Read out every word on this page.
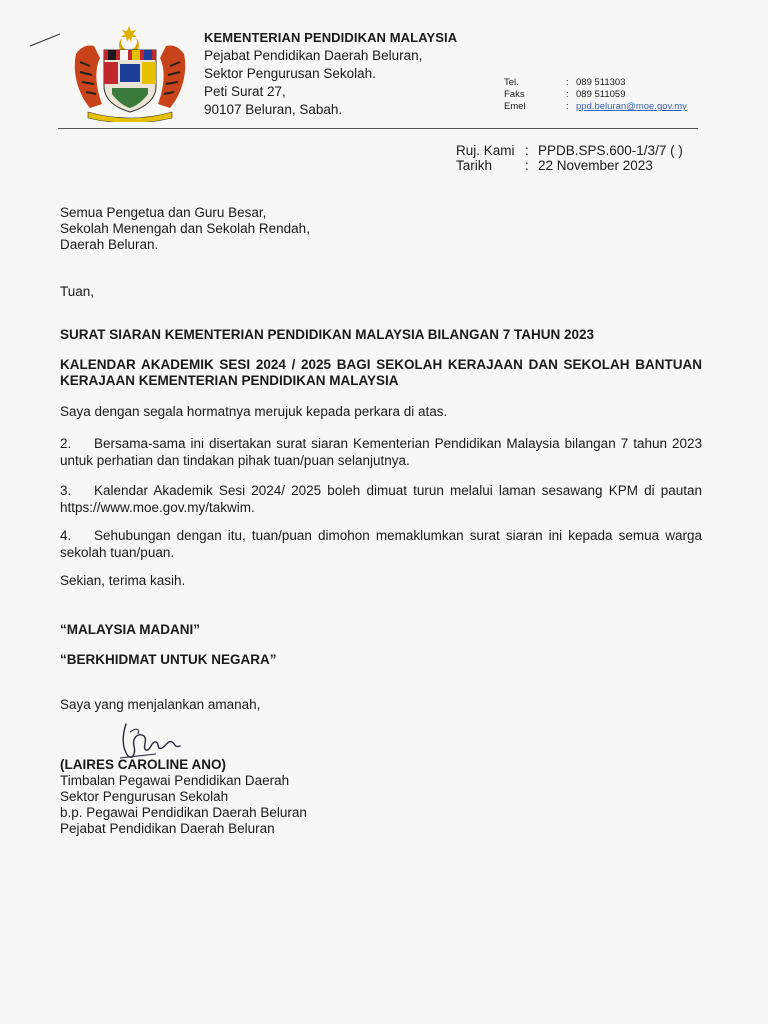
KEMENTERIAN PENDIDIKAN MALAYSIA
Pejabat Pendidikan Daerah Beluran,
Sektor Pengurusan Sekolah.
Peti Surat 27,
90107 Beluran, Sabah.
Tel.	: 089 511303
Faks	: 089 511059
Emel	: ppd.beluran@moe.gov.my
Ruj. Kami : PPDB.SPS.600-1/3/7 ( )
Tarikh : 22 November 2023
Semua Pengetua dan Guru Besar,
Sekolah Menengah dan Sekolah Rendah,
Daerah Beluran.
Tuan,
SURAT SIARAN KEMENTERIAN PENDIDIKAN MALAYSIA BILANGAN 7 TAHUN 2023
KALENDAR AKADEMIK SESI 2024 / 2025 BAGI SEKOLAH KERAJAAN DAN SEKOLAH BANTUAN KERAJAAN KEMENTERIAN PENDIDIKAN MALAYSIA
Saya dengan segala hormatnya merujuk kepada perkara di atas.
2. Bersama-sama ini disertakan surat siaran Kementerian Pendidikan Malaysia bilangan 7 tahun 2023 untuk perhatian dan tindakan pihak tuan/puan selanjutnya.
3. Kalendar Akademik Sesi 2024/ 2025 boleh dimuat turun melalui laman sesawang KPM di pautan https://www.moe.gov.my/takwim.
4. Sehubungan dengan itu, tuan/puan dimohon memaklumkan surat siaran ini kepada semua warga sekolah tuan/puan.
Sekian, terima kasih.
“MALAYSIA MADANI”
“BERKHIDMAT UNTUK NEGARA”
Saya yang menjalankan amanah,
(LAIRES CAROLINE ANO)
Timbalan Pegawai Pendidikan Daerah
Sektor Pengurusan Sekolah
b.p. Pegawai Pendidikan Daerah Beluran
Pejabat Pendidikan Daerah Beluran
